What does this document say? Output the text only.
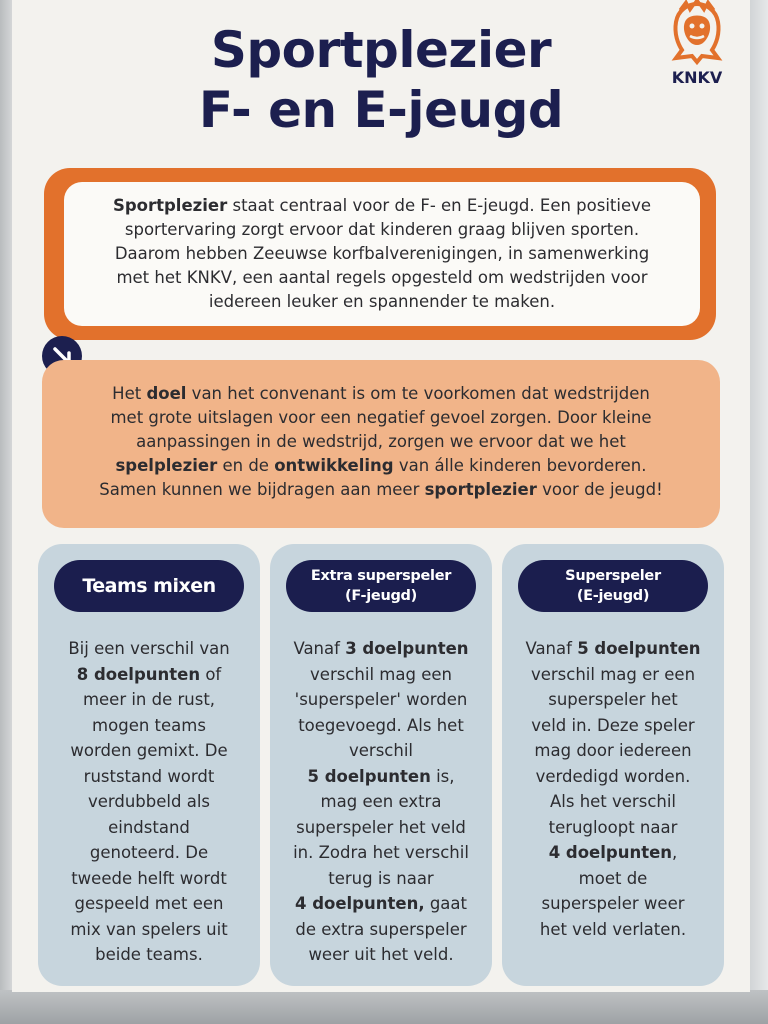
Sportplezier
F- en E-jeugd
KNKV
Sportplezier staat centraal voor de F- en E-jeugd. Een positieve
sportervaring zorgt ervoor dat kinderen graag blijven sporten.
Daarom hebben Zeeuwse korfbalverenigingen, in samenwerking
met het KNKV, een aantal regels opgesteld om wedstrijden voor
iedereen leuker en spannender te maken.
Het doel van het convenant is om te voorkomen dat wedstrijden
met grote uitslagen voor een negatief gevoel zorgen. Door kleine
aanpassingen in de wedstrijd, zorgen we ervoor dat we het
spelplezier en de ontwikkeling van álle kinderen bevorderen.
Samen kunnen we bijdragen aan meer sportplezier voor de jeugd!
Teams mixen
Bij een verschil van
8 doelpunten of
meer in de rust,
mogen teams
worden gemixt. De
ruststand wordt
verdubbeld als
eindstand
genoteerd. De
tweede helft wordt
gespeeld met een
mix van spelers uit
beide teams.
Extra superspeler
(F-jeugd)
Vanaf 3 doelpunten
verschil mag een
'superspeler' worden
toegevoegd. Als het
verschil
5 doelpunten is,
mag een extra
superspeler het veld
in. Zodra het verschil
terug is naar
4 doelpunten, gaat
de extra superspeler
weer uit het veld.
Superspeler
(E-jeugd)
Vanaf 5 doelpunten
verschil mag er een
superspeler het
veld in. Deze speler
mag door iedereen
verdedigd worden.
Als het verschil
terugloopt naar
4 doelpunten,
moet de
superspeler weer
het veld verlaten.
